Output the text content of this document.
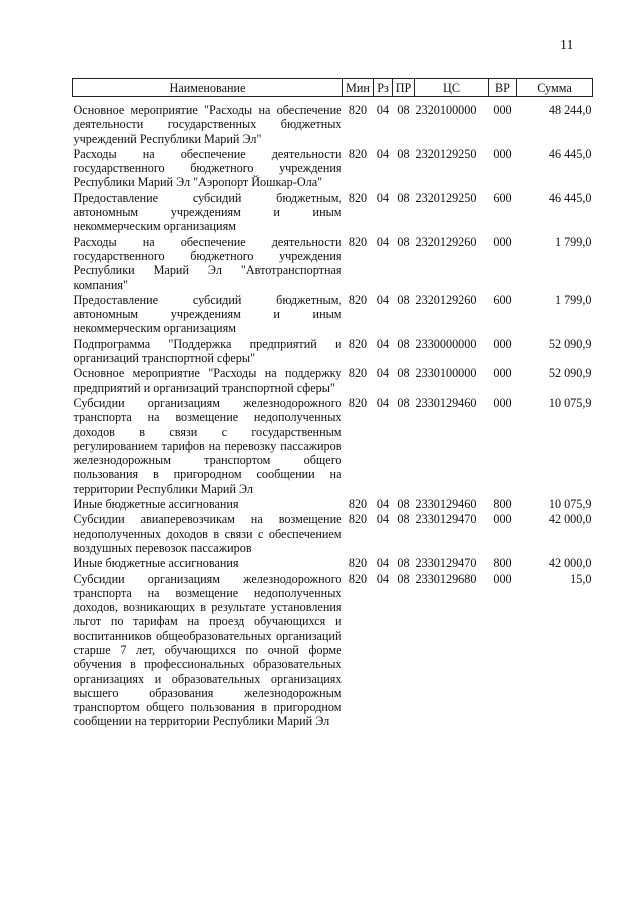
11
Наименование	Мин	Рз	ПР	ЦС	ВР	Сумма
Основное мероприятие "Расходы на обеспечение деятельности государственных бюджетных учреждений Республики Марий Эл"	820	04	08	2320100000	000	48 244,0
Расходы на обеспечение деятельности государственного бюджетного учреждения Республики Марий Эл "Аэропорт Йошкар-Ола"	820	04	08	2320129250	000	46 445,0
Предоставление субсидий бюджетным, автономным учреждениям и иным некоммерческим организациям	820	04	08	2320129250	600	46 445,0
Расходы на обеспечение деятельности государственного бюджетного учреждения Республики Марий Эл "Автотранспортная компания"	820	04	08	2320129260	000	1 799,0
Предоставление субсидий бюджетным, автономным учреждениям и иным некоммерческим организациям	820	04	08	2320129260	600	1 799,0
Подпрограмма "Поддержка предприятий и организаций транспортной сферы"	820	04	08	2330000000	000	52 090,9
Основное мероприятие "Расходы на поддержку предприятий и организаций транспортной сферы"	820	04	08	2330100000	000	52 090,9
Субсидии организациям железнодорожного транспорта на возмещение недополученных доходов в связи с государственным регулированием тарифов на перевозку пассажиров железнодорожным транспортом общего пользования в пригородном сообщении на территории Республики Марий Эл	820	04	08	2330129460	000	10 075,9
Иные бюджетные ассигнования	820	04	08	2330129460	800	10 075,9
Субсидии авиаперевозчикам на возмещение недополученных доходов в связи с обеспечением воздушных перевозок пассажиров	820	04	08	2330129470	000	42 000,0
Иные бюджетные ассигнования	820	04	08	2330129470	800	42 000,0
Субсидии организациям железнодорожного транспорта на возмещение недополученных доходов, возникающих в результате установления льгот по тарифам на проезд обучающихся и воспитанников общеобразовательных организаций старше 7 лет, обучающихся по очной форме обучения в профессиональных образовательных организациях и образовательных организациях высшего образования железнодорожным транспортом общего пользования в пригородном сообщении на территории Республики Марий Эл	820	04	08	2330129680	000	15,0
